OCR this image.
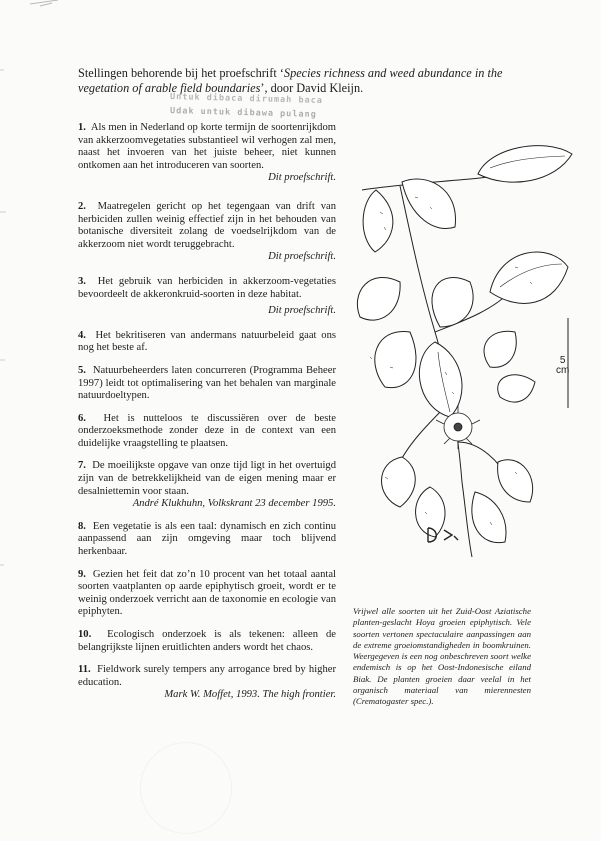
Stellingen behorende bij het proefschrift ‘Species richness and weed abundance in the vegetation of arable field boundaries’, door David Kleijn.
Untuk dibaca dirumah baca
Udak untuk dibawa pulang

1. Als men in Nederland op korte termijn de soortenrijkdom van akkerzoomvegetaties substantieel wil verhogen zal men, naast het invoeren van het juiste beheer, niet kunnen ontkomen aan het introduceren van soorten.

Dit proefschrift.

2. Maatregelen gericht op het tegengaan van drift van herbiciden zullen weinig effectief zijn in het behouden van botanische diversiteit zolang de voedselrijkdom van de akkerzoom niet wordt teruggebracht.

Dit proefschrift.

3. Het gebruik van herbiciden in akkerzoom-vegetaties bevoordeelt de akkeronkruid-soorten in deze habitat.

Dit proefschrift.

4. Het bekritiseren van andermans natuurbeleid gaat ons nog het beste af.

5. Natuurbeheerders laten concurreren (Programma Beheer 1997) leidt tot optimalisering van het behalen van marginale natuurdoeltypen.

6. Het is nutteloos te discussiëren over de beste onderzoeksmethode zonder deze in de context van een duidelijke vraagstelling te plaatsen.

7. De moeilijkste opgave van onze tijd ligt in het overtuigd zijn van de betrekkelijkheid van de eigen mening maar er desalniettemin voor staan.

André Klukhuhn, Volkskrant 23 december 1995.

8. Een vegetatie is als een taal: dynamisch en zich continu aanpassend aan zijn omgeving maar toch blijvend herkenbaar.

9. Gezien het feit dat zo’n 10 procent van het totaal aantal soorten vaatplanten op aarde epiphytisch groeit, wordt er te weinig onderzoek verricht aan de taxonomie en ecologie van epiphyten.

10. Ecologisch onderzoek is als tekenen: alleen de belangrijkste lijnen eruitlichten anders wordt het chaos.

11. Fieldwork surely tempers any arrogance bred by higher education.

Mark W. Moffet, 1993. The high frontier.
5
cm
Vrijwel alle soorten uit het Zuid-Oost Aziatische planten-geslacht Hoya groeien epiphytisch. Vele soorten vertonen spectaculaire aanpassingen aan de extreme groeiomstandigheden in boomkruinen. Weergegeven is een nog onbeschreven soort welke endemisch is op het Oost-Indonesische eiland Biak. De planten groeien daar veelal in het organisch materiaal van mierennesten (Crematogaster spec.).
